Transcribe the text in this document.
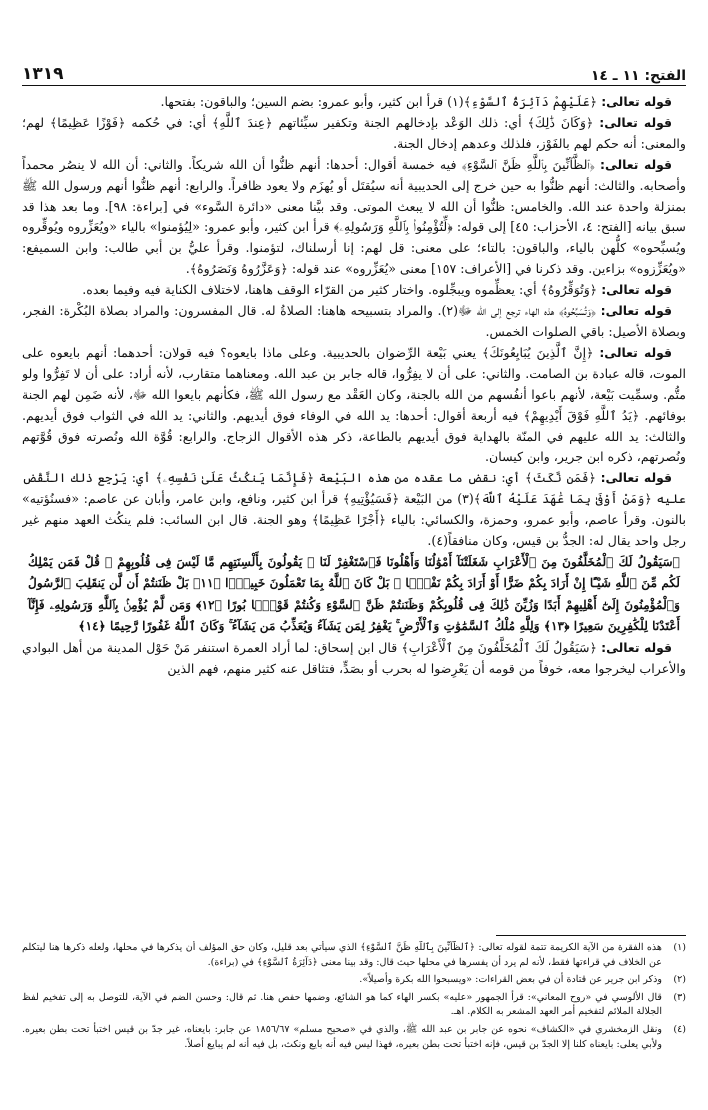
الفتح: ١١ ـ ١٤
١٣١٩

قوله تعالى: ﴿عَلَيْهِمْ دَآئِرَةُ ٱلسَّوْءِ﴾(١) قرأ ابن كثير، وأبو عمرو: بضم السين؛ والباقون: بفتحها.

قوله تعالى: ﴿وَكَانَ ذَٰلِكَ﴾ أي: ذلك الوَعْد بإدخالهم الجنة وتكفير سيِّئاتهم ﴿عِندَ ٱللَّهِ﴾ أي: في حُكمه ﴿فَوْزًا عَظِيمًا﴾ لهم؛ والمعنى: أنه حكم لهم بالفَوْز، فلذلك وعدهم إدخال الجنة.

قوله تعالى: ﴿ٱلظَّآنِّينَ بِٱللَّهِ ظَنَّ ٱلسَّوْءِ﴾ فيه خمسة أقوال: أحدها: أنهم ظنُّوا أن الله شريكاً. والثاني: أن الله لا ينصُر محمداً وأصحابه. والثالث: أنهم ظنُّوا به حين خرج إلى الحديبية أنه سيُقتَل أو يُهزَم ولا يعود ظافراً. والرابع: أنهم ظنُّوا أنهم ورسول الله ﷺ بمنزلة واحدة عند الله. والخامس: ظنُّوا أن الله لا يبعث الموتى. وقد بيَّنا معنى «دائرة السَّوء» في [براءة: ٩٨]. وما بعد هذا قد سبق بيانه [الفتح: ٤، الأحزاب: ٤٥] إلى قوله: ﴿لِّتُؤْمِنُوا۟ بِٱللَّهِ وَرَسُولِهِۦ﴾ قرأ ابن كثير، وأبو عمرو: «لِيُؤمنوا» بالياء «ويُعَزِّروه ويُوقِّروه ويُسبِّحوه» كلُّهن بالياء، والباقون: بالتاء؛ على معنى: قل لهم: إنا أرسلناك، لتؤمنوا. وقرأ عليُّ بن أبي طالب: وابن السميفع: «ويُعَزِّزوه» بزاءين. وقد ذكرنا في [الأعراف: ١٥٧] معنى «يُعَزِّروه» عند قوله: ﴿وَعَزَّرُوهُ وَنَصَرُوهُ﴾.

قوله تعالى: ﴿وَتُوَقِّرُوهُ﴾ أي: يعظِّموه ويبجِّلوه. واختار كثير من القرّاء الوقف هاهنا، لاختلاف الكناية فيه وفيما بعده.

قوله تعالى: ﴿وَتُسَبِّحُوهُ﴾ هذه الهاء ترجع إلى الله ﷻ(٢). والمراد بتسبيحه هاهنا: الصلاةُ له. قال المفسرون: والمراد بصلاة البُكْرة: الفجر، وبصلاة الأصيل: باقي الصلوات الخمس.

قوله تعالى: ﴿إِنَّ ٱلَّذِينَ يُبَايِعُونَكَ﴾ يعني بَيْعة الرِّضوان بالحديبية. وعلى ماذا بايعوه؟ فيه قولان: أحدهما: أنهم بايعوه على الموت، قاله عبادة بن الصامت. والثاني: على أن لا يفِرُّوا، قاله جابر بن عبد الله. ومعناهما متقارب، لأنه أراد: على أن لا تَفِرُّوا ولو متُّم. وسمِّيت بَيْعة، لأنهم باعوا أنفُسهم من الله بالجنة، وكان العَقْد مع رسول الله ﷺ، فكأنهم بايعوا الله ﷻ، لأنه ضَمِن لهم الجنة بوفائهم. ﴿يَدُ ٱللَّهِ فَوْقَ أَيْدِيهِمْ﴾ فيه أربعة أقوال: أحدها: يد الله في الوفاء فوق أيديهم. والثاني: يد الله في الثواب فوق أيديهم. والثالث: يد الله عليهم في المنّة بالهداية فوق أيديهم بالطاعة، ذكر هذه الأقوال الزجاج. والرابع: قُوَّة الله ونُصرته فوق قُوَّتهم ونُصرتهم، ذكره ابن جرير، وابن كيسان.

قوله تعالى: ﴿فَمَن نَّكَثَ﴾ أي: نقض ما عقده من هذه البَيْعة ﴿فَإِنَّمَا يَنكُثُ عَلَىٰ نَفْسِهِۦ﴾ أي: يَرْجِع ذلك النَّقْض عليه ﴿وَمَنْ أَوْفَىٰ بِمَا عَٰهَدَ عَلَيْهُ ٱللَّهَ﴾(٣) من البَيْعة ﴿فَسَيُؤْتِيهِ﴾ قرأ ابن كثير، ونافع، وابن عامر، وأبان عن عاصم: «فسنُؤتيه» بالنون. وقرأ عاصم، وأبو عمرو، وحمزة، والكسائي: بالياء ﴿أَجْرًا عَظِيمًا﴾ وهو الجنة. قال ابن السائب: فلم ينكُث العهد منهم غير رجل واحد يقال له: الجدُّ بن قيس، وكان منافقاً(٤).

﴿سَيَقُولُ لَكَ ٱلْمُخَلَّفُونَ مِنَ ٱلْأَعْرَابِ شَغَلَتْنَآ أَمْوَٰلُنَا وَأَهْلُونَا فَٱسْتَغْفِرْ لَنَا ۚ يَقُولُونَ بِأَلْسِنَتِهِم مَّا لَيْسَ فِى قُلُوبِهِمْ ۚ قُلْ فَمَن يَمْلِكُ لَكُم مِّنَ ٱللَّهِ شَيْـًٔا إِنْ أَرَادَ بِكُمْ ضَرًّا أَوْ أَرَادَ بِكُمْ نَفْعًۢا ۚ بَلْ كَانَ ٱللَّهُ بِمَا تَعْمَلُونَ خَبِيرًۢا ﴿١١﴾ بَلْ ظَنَنتُمْ أَن لَّن يَنقَلِبَ ٱلرَّسُولُ وَٱلْمُؤْمِنُونَ إِلَىٰٓ أَهْلِيهِمْ أَبَدًا وَزُيِّنَ ذَٰلِكَ فِى قُلُوبِكُمْ وَظَنَنتُمْ ظَنَّ ٱلسَّوْءِ وَكُنتُمْ قَوْمًۢا بُورًا ﴿١٢﴾ وَمَن لَّمْ يُؤْمِنۢ بِٱللَّهِ وَرَسُولِهِۦ فَإِنَّآ أَعْتَدْنَا لِلْكَٰفِرِينَ سَعِيرًا ﴿١٣﴾ وَلِلَّهِ مُلْكُ ٱلسَّمَٰوَٰتِ وَٱلْأَرْضِ ۚ يَغْفِرُ لِمَن يَشَآءُ وَيُعَذِّبُ مَن يَشَآءُ ۚ وَكَانَ ٱللَّهُ غَفُورًا رَّحِيمًا ﴿١٤﴾

قوله تعالى: ﴿سَيَقُولُ لَكَ ٱلْمُخَلَّفُونَ مِنَ ٱلْأَعْرَابِ﴾ قال ابن إسحاق: لما أراد العمرة استنفر مَنْ حَوْل المدينة من أهل البوادي والأعراب ليخرجوا معه، خوفاً من قومه أن يَعْرِضوا له بحرب أو بصَدٍّ، فتثاقل عنه كثير منهم، فهم الذين

(١)
هذه الفقرة من الآية الكريمة تتمة لقوله تعالى: ﴿ٱلظَّآنِّينَ بِٱللَّهِ ظَنَّ ٱلسَّوْءِ﴾ الذي سيأتي بعد قليل، وكان حق المؤلف أن يذكرها في محلها، ولعله ذكرها هنا ليتكلم عن الخلاف في قراءتها فقط، لأنه لم يرد أن يفسرها في محلها حيث قال: وقد بينا معنى ﴿دَآئِرَةُ ٱلسَّوْءِ﴾ في (براءة).
(٢)
وذكر ابن جرير عن قتادة أن في بعض القراءات: «ويسبحوا الله بكرة وأصيلاً».
(٣)
قال الألوسي في «روح المعاني»: قرأ الجمهور «عليه» بكسر الهاء كما هو الشائع، وضمها حفص هنا. ثم قال: وحسن الضم في الآية، للتوصل به إلى تفخيم لفظ الجلالة الملائم لتفخيم أمر العهد المشعر به الكلام. اهـ.
(٤)
ونقل الزمخشري في «الكشاف» نحوه عن جابر بن عبد الله ﷺ، والذي في «صحيح مسلم» ١٨٥٦/٦٧ عن جابر: بايعناه، غير جدّ بن قيس اختبأ تحت بطن بعيره. ولأبي يعلى: بايعناه كلنا إلا الجدّ بن قيس، فإنه اختبأ تحت بطن بعيره، فهذا ليس فيه أنه بايع ونكث، بل فيه أنه لم يبايع أصلاً.
